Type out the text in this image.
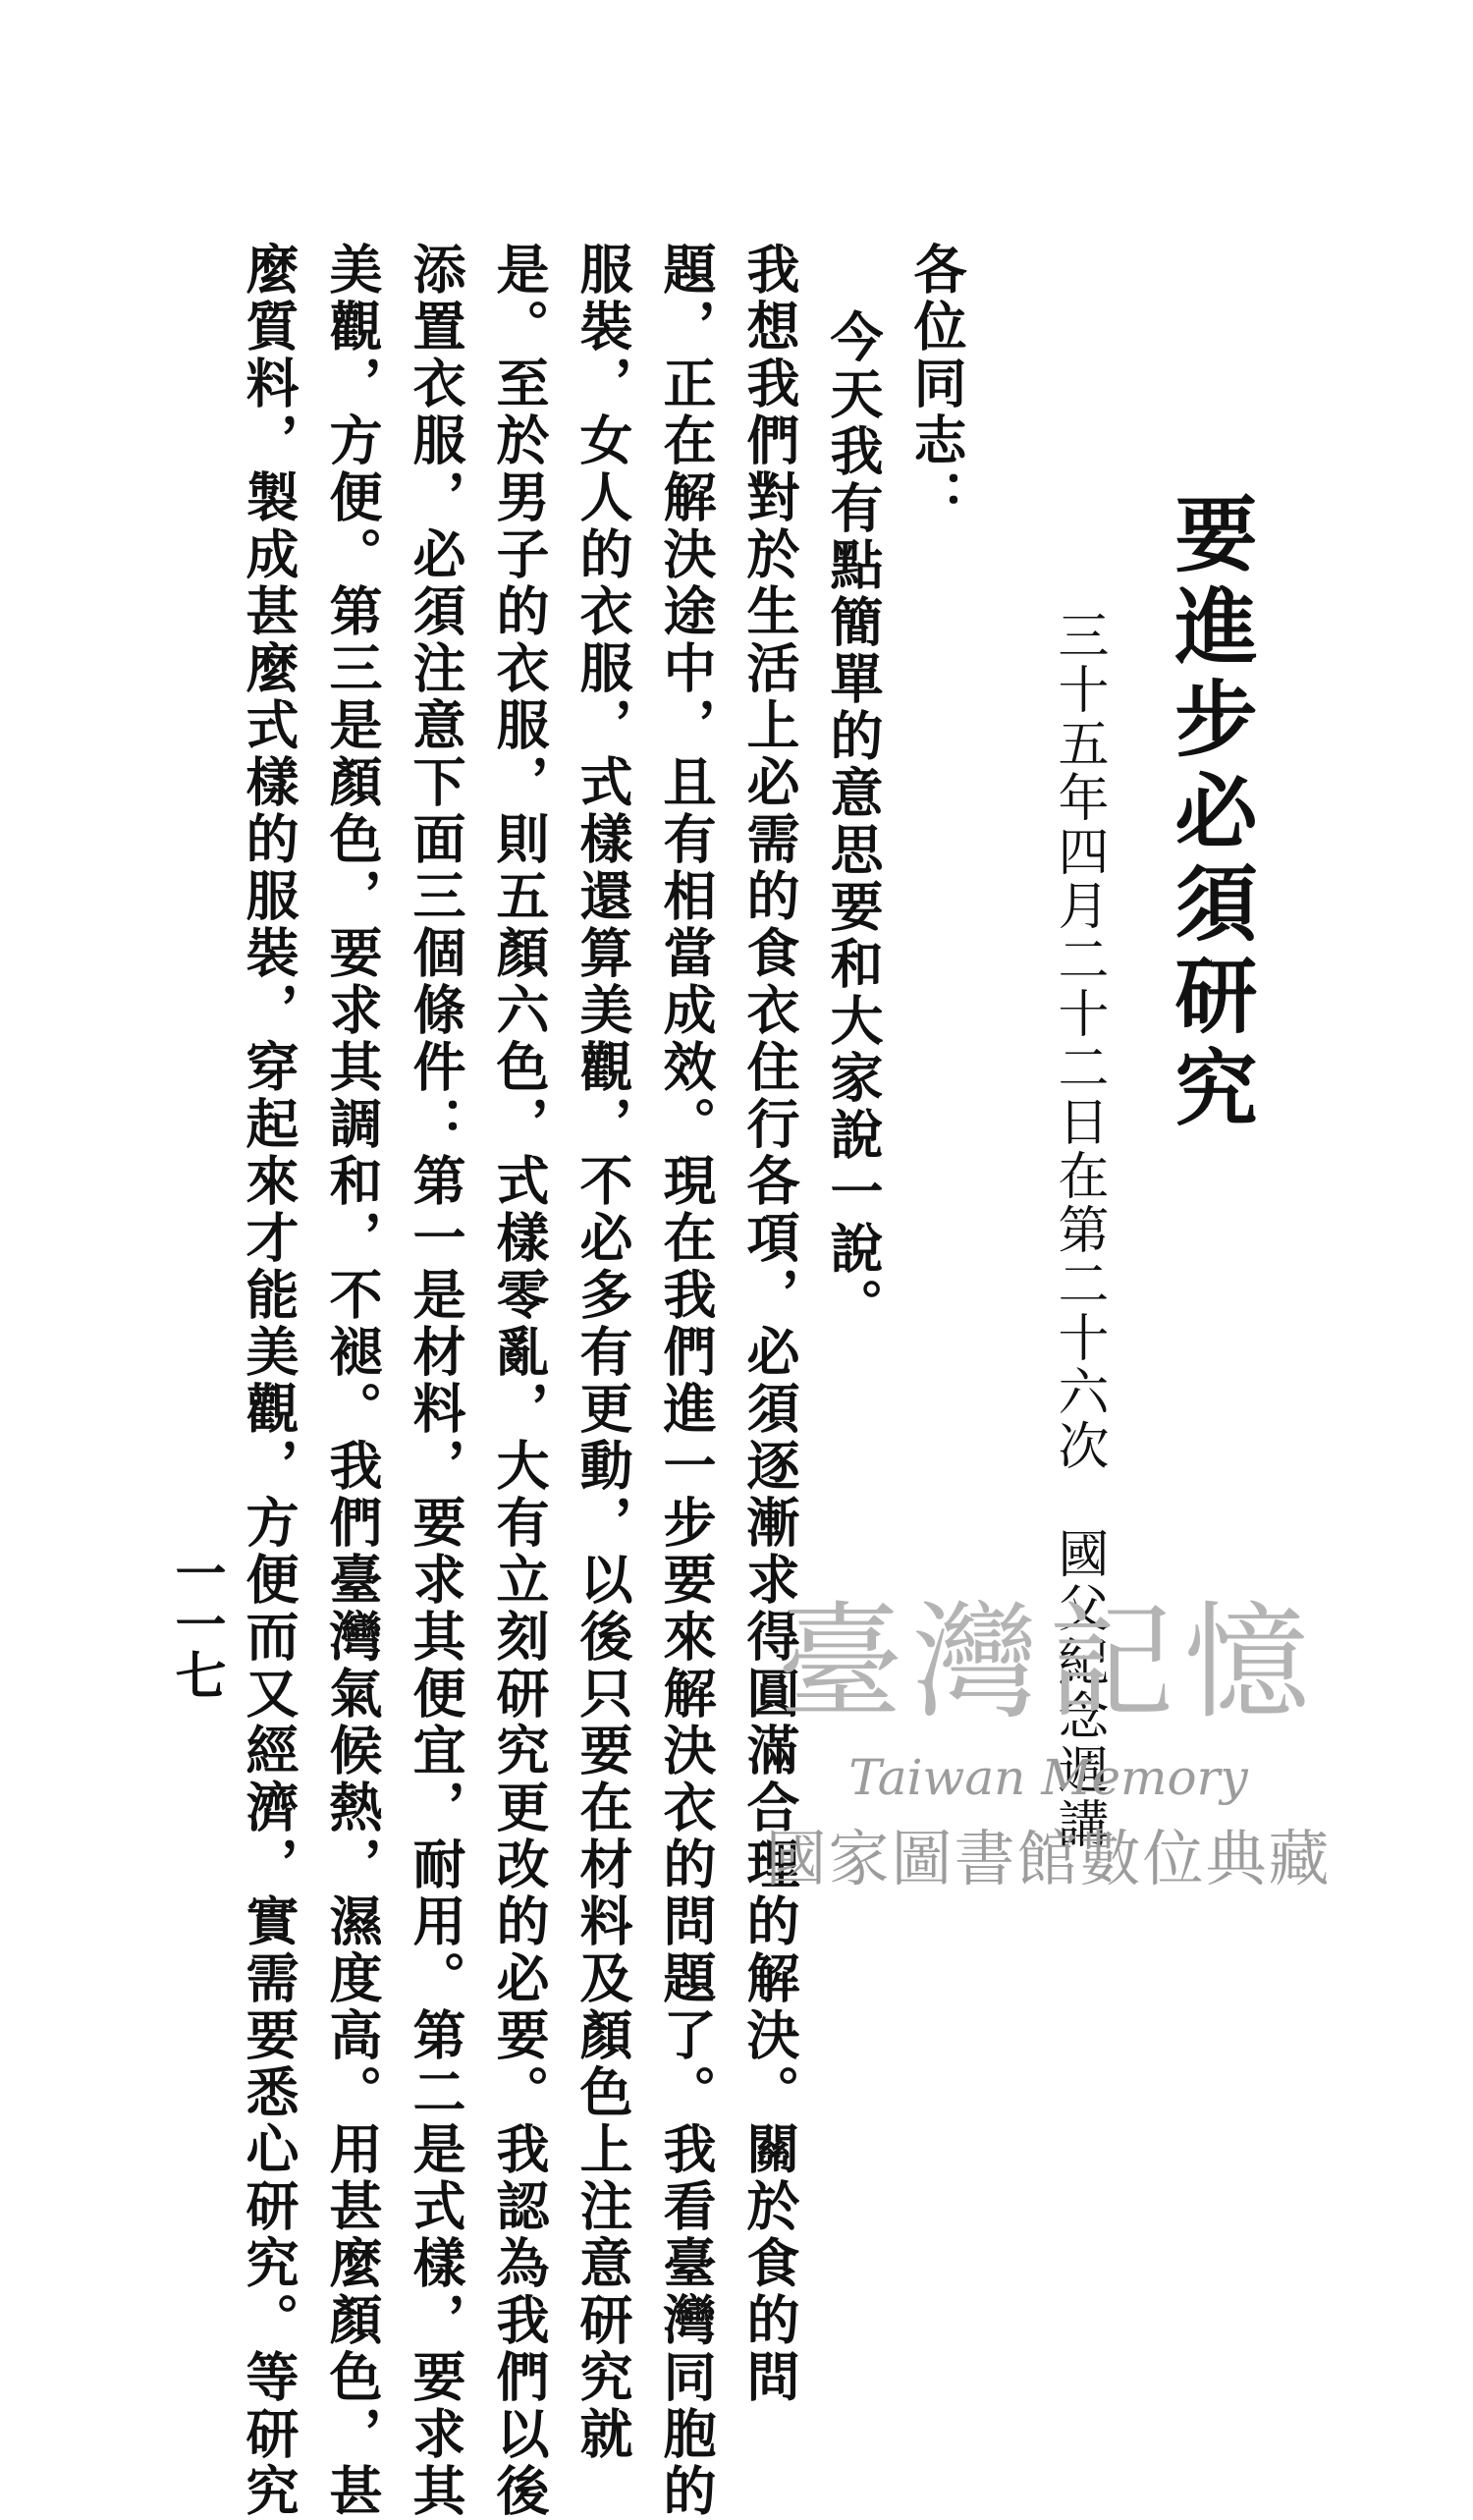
要進步必須研究
三十五年四月二十二日在第二十六次　國父紀念週講
各位同志：
今天我有點簡單的意思要和大家說一說。
我想我們對於生活上必需的食衣住行各項，必須逐漸求得圓滿合理的解決。關於食的問
題，正在解決途中，且有相當成效。現在我們進一步要來解決衣的問題了。我看臺灣同胞的
服裝，女人的衣服，式樣還算美觀，不必多有更動，以後只要在材料及顏色上注意研究就
是。至於男子的衣服，則五顏六色，式樣零亂，大有立刻研究更改的必要。我認為我們以後
添置衣服，必須注意下面三個條件：第一是材料，要求其便宜，耐用。第二是式樣，要求其
美觀，方便。第三是顏色，要求其調和，不褪。我們臺灣氣候熱，濕度高。用甚麼顏色，甚
麼質料，製成甚麼式樣的服裝，穿起來才能美觀，方便而又經濟，實需要悉心研究。等研究
一一七	臺灣記憶
Taiwan Memory
國家圖書館數位典藏
